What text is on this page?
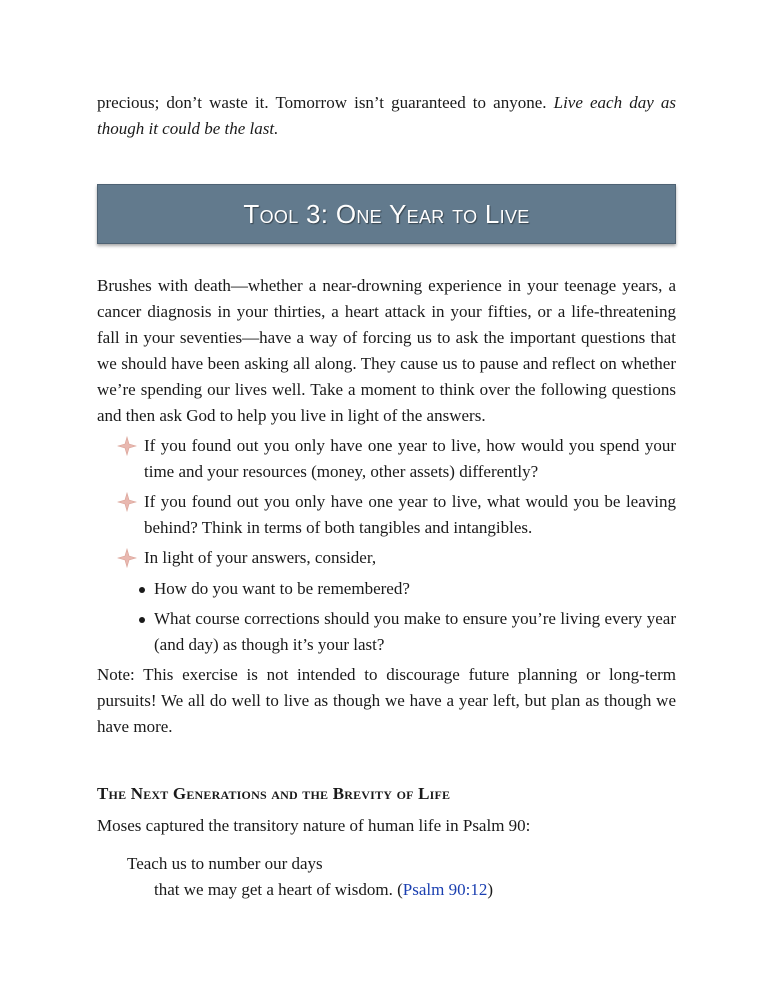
precious; don’t waste it. Tomorrow isn’t guaranteed to anyone. Live each day as though it could be the last.

Tool 3: One Year to Live

Brushes with death—whether a near-drowning experience in your teenage years, a cancer diagnosis in your thirties, a heart attack in your fifties, or a life-threatening fall in your seventies—have a way of forcing us to ask the important questions that we should have been asking all along. They cause us to pause and reflect on whether we’re spending our lives well. Take a moment to think over the following questions and then ask God to help you live in light of the answers.

If you found out you only have one year to live, how would you spend your time and your resources (money, other assets) differently?
If you found out you only have one year to live, what would you be leaving behind? Think in terms of both tangibles and intangibles.
In light of your answers, consider,
How do you want to be remembered?
What course corrections should you make to ensure you’re living every year (and day) as though it’s your last?

Note: This exercise is not intended to discourage future planning or long-term pursuits! We all do well to live as though we have a year left, but plan as though we have more.

The Next Generations and the Brevity of Life

Moses captured the transitory nature of human life in Psalm 90:

Teach us to number our days
that we may get a heart of wisdom. (Psalm 90:12)
